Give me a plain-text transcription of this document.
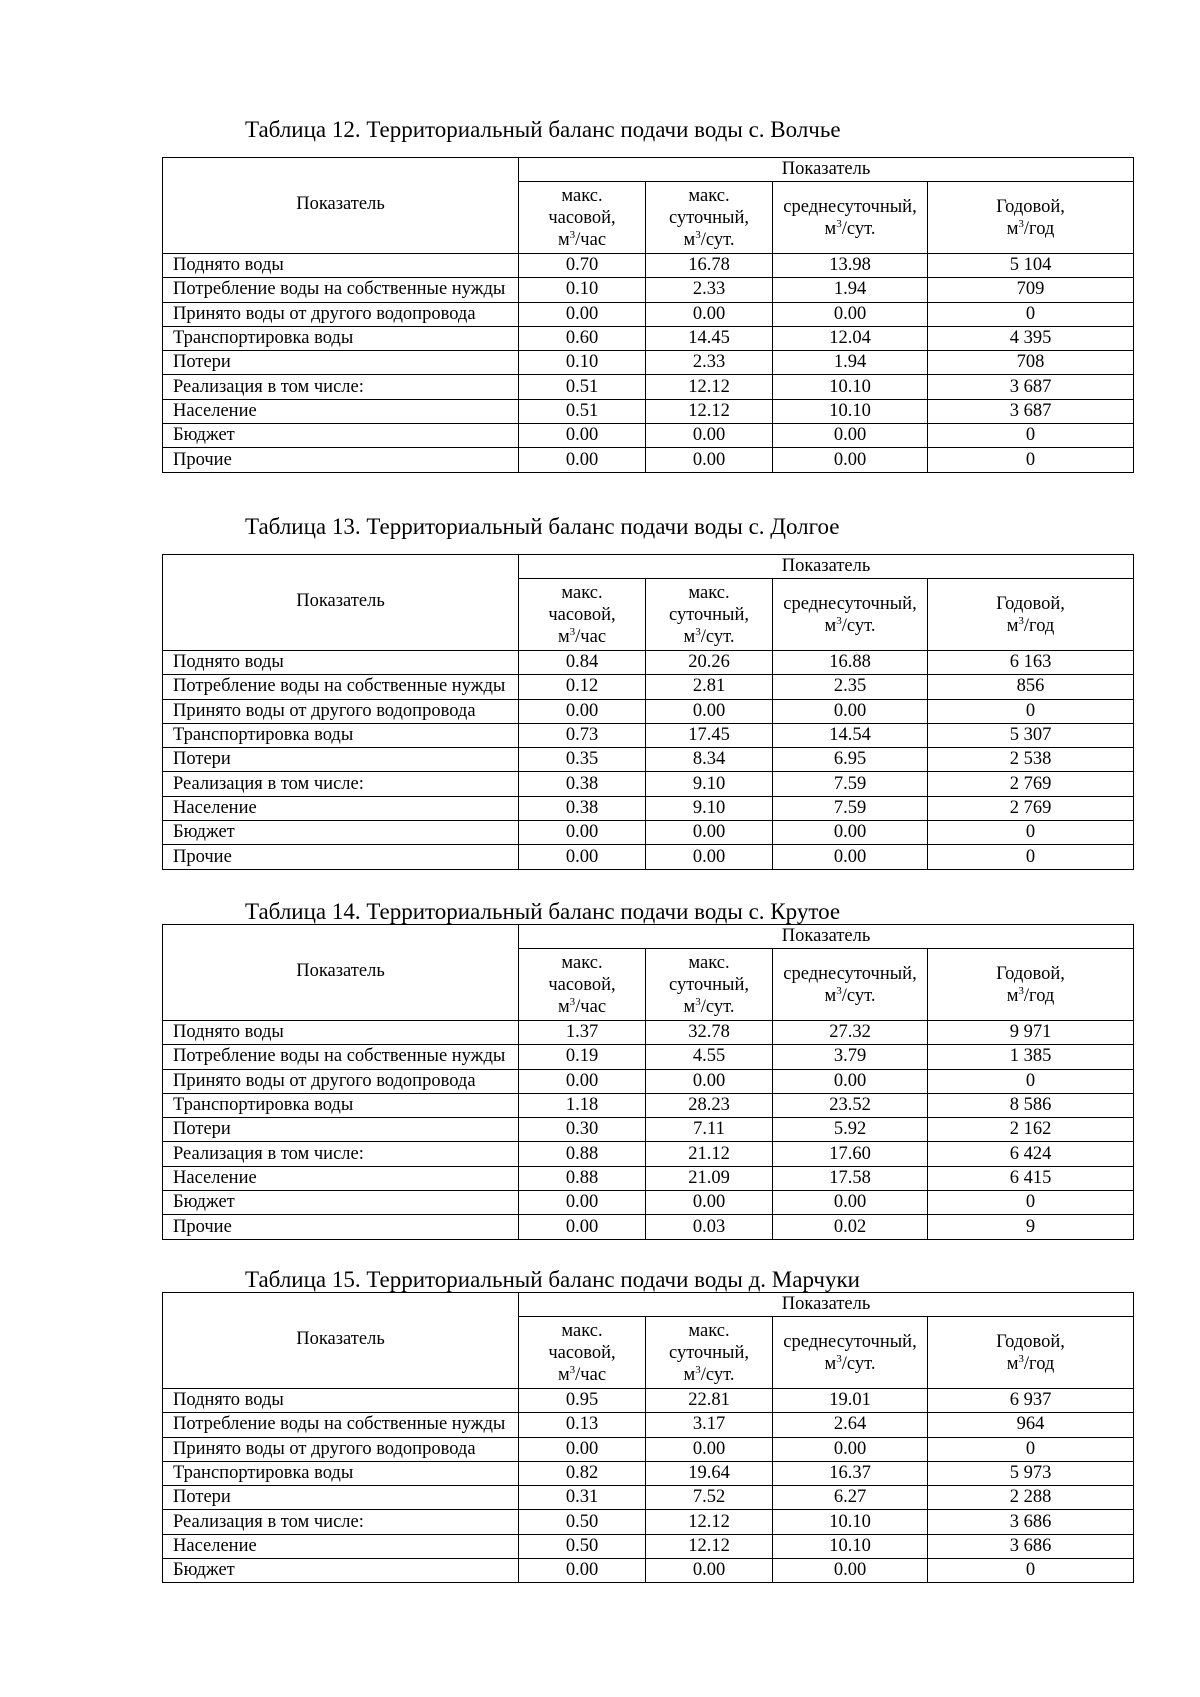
Таблица 12. Территориальный баланс подачи воды с. Волчье
Показатель	Показатель			
	макс.
часовой,
$м^3$/час	макс.
суточный,
$м^3$/сут.	среднесуточный,
$м^3$/сут.	Годовой,
$м^3$/год
Поднято воды	0.70	16.78	13.98	5 104
Потребление воды на собственные нужды	0.10	2.33	1.94	709
Принято воды от другого водопровода	0.00	0.00	0.00	0
Транспортировка воды	0.60	14.45	12.04	4 395
Потери	0.10	2.33	1.94	708
Реализация в том числе:	0.51	12.12	10.10	3 687
Население	0.51	12.12	10.10	3 687
Бюджет	0.00	0.00	0.00	0
Прочие	0.00	0.00	0.00	0
Таблица 13. Территориальный баланс подачи воды с. Долгое
Показатель	Показатель			
	макс.
часовой,
$м^3$/час	макс.
суточный,
$м^3$/сут.	среднесуточный,
$м^3$/сут.	Годовой,
$м^3$/год
Поднято воды	0.84	20.26	16.88	6 163
Потребление воды на собственные нужды	0.12	2.81	2.35	856
Принято воды от другого водопровода	0.00	0.00	0.00	0
Транспортировка воды	0.73	17.45	14.54	5 307
Потери	0.35	8.34	6.95	2 538
Реализация в том числе:	0.38	9.10	7.59	2 769
Население	0.38	9.10	7.59	2 769
Бюджет	0.00	0.00	0.00	0
Прочие	0.00	0.00	0.00	0
Таблица 14. Территориальный баланс подачи воды с. Крутое
Показатель	Показатель			
	макс.
часовой,
$м^3$/час	макс.
суточный,
$м^3$/сут.	среднесуточный,
$м^3$/сут.	Годовой,
$м^3$/год
Поднято воды	1.37	32.78	27.32	9 971
Потребление воды на собственные нужды	0.19	4.55	3.79	1 385
Принято воды от другого водопровода	0.00	0.00	0.00	0
Транспортировка воды	1.18	28.23	23.52	8 586
Потери	0.30	7.11	5.92	2 162
Реализация в том числе:	0.88	21.12	17.60	6 424
Население	0.88	21.09	17.58	6 415
Бюджет	0.00	0.00	0.00	0
Прочие	0.00	0.03	0.02	9
Таблица 15. Территориальный баланс подачи воды д. Марчуки
Показатель	Показатель			
	макс.
часовой,
$м^3$/час	макс.
суточный,
$м^3$/сут.	среднесуточный,
$м^3$/сут.	Годовой,
$м^3$/год
Поднято воды	0.95	22.81	19.01	6 937
Потребление воды на собственные нужды	0.13	3.17	2.64	964
Принято воды от другого водопровода	0.00	0.00	0.00	0
Транспортировка воды	0.82	19.64	16.37	5 973
Потери	0.31	7.52	6.27	2 288
Реализация в том числе:	0.50	12.12	10.10	3 686
Население	0.50	12.12	10.10	3 686
Бюджет	0.00	0.00	0.00	0
